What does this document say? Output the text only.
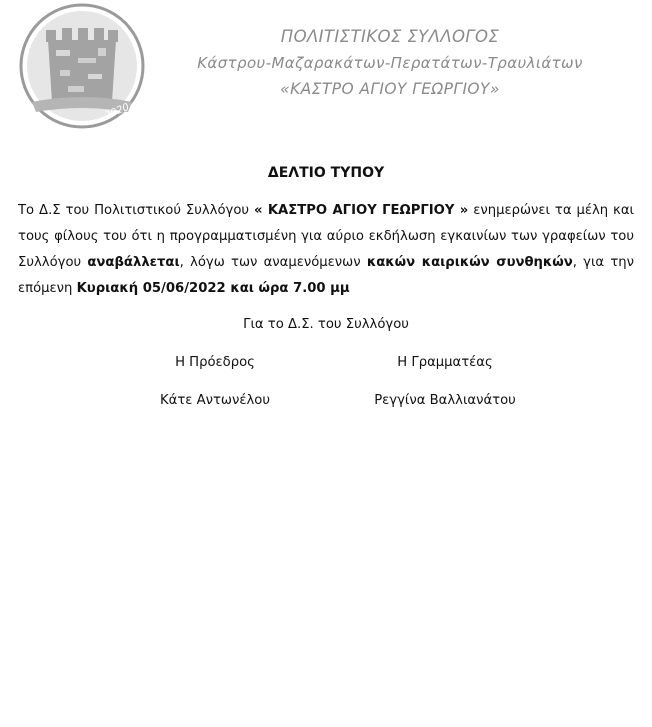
2020
ΠΟΛΙΤΙΣΤΙΚΟΣ ΣΥΛΛΟΓΟΣ
Κάστρου-Μαζαρακάτων-Περατάτων-Τραυλιάτων
«ΚΑΣΤΡΟ ΑΓΙΟΥ ΓΕΩΡΓΙΟΥ»
ΔΕΛΤΙΟ ΤΥΠΟΥ
Το Δ.Σ του Πολιτιστικού Συλλόγου « ΚΑΣΤΡΟ ΑΓΙΟΥ ΓΕΩΡΓΙΟΥ » ενημερώνει τα μέλη και τους φίλους του ότι η προγραμματισμένη για αύριο εκδήλωση εγκαινίων των γραφείων του Συλλόγου αναβάλλεται, λόγω των αναμενόμενων κακών καιρικών συνθηκών, για την επόμενη Κυριακή 05/06/2022 και ώρα 7.00 μμ
Για το Δ.Σ. του Συλλόγου
Η Πρόεδρος	Η Γραμματέας
Κάτε Αντωνέλου	Ρεγγίνα Βαλλιανάτου
